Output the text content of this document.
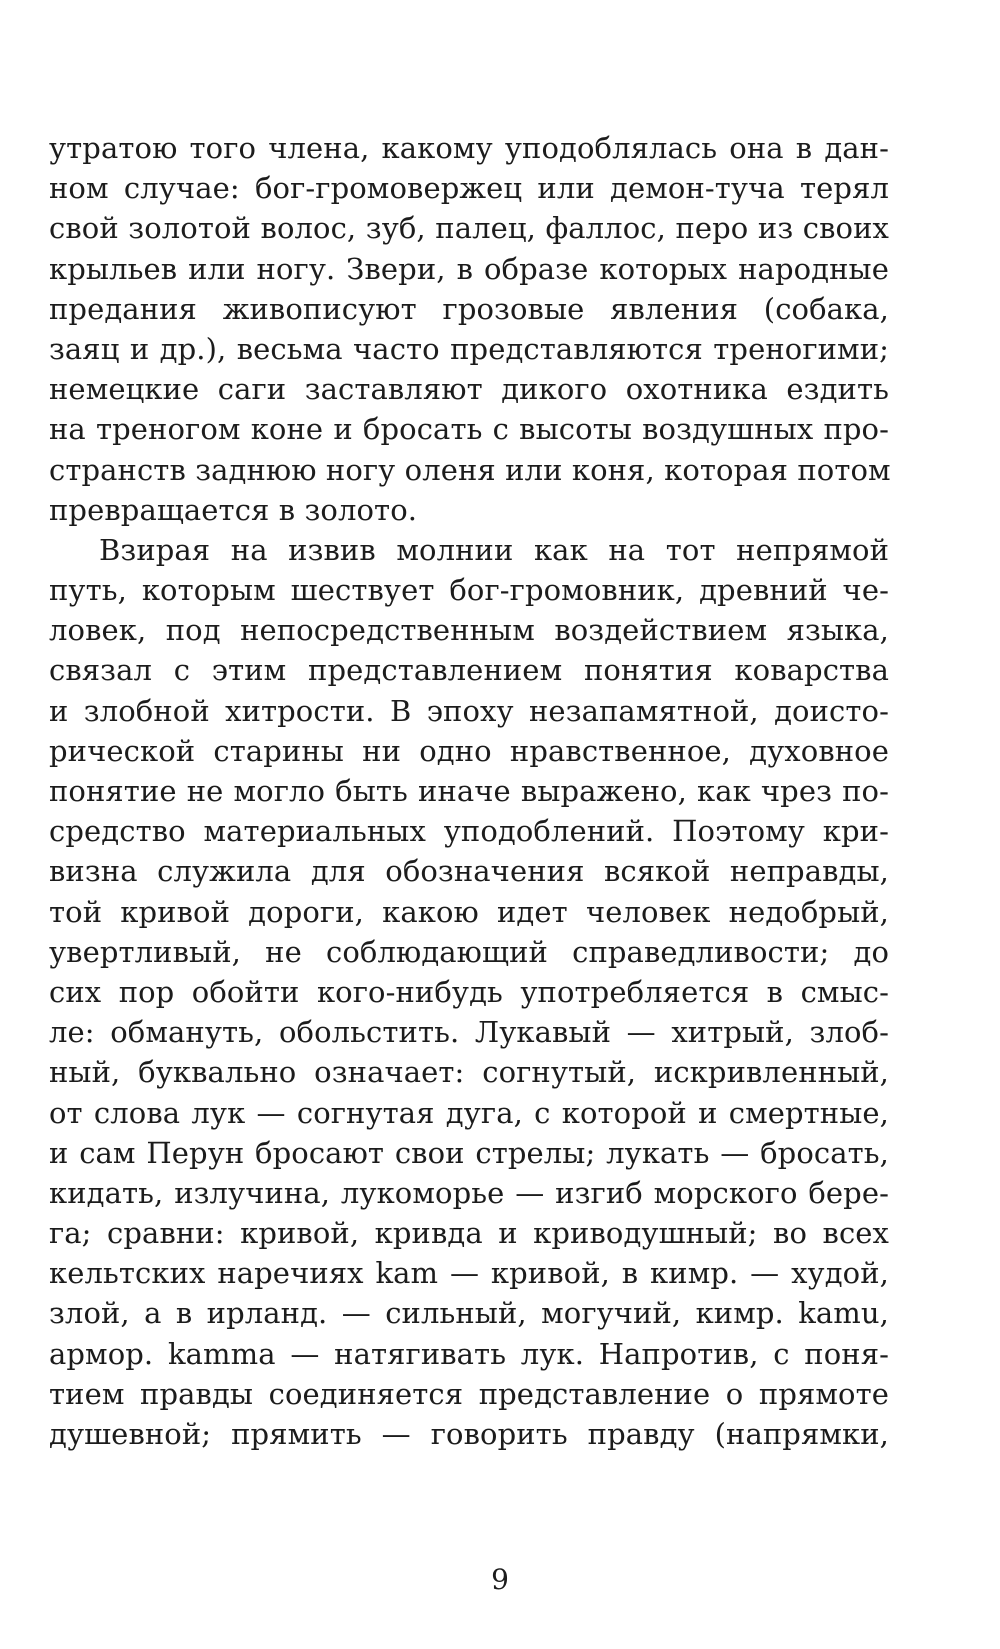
утратою того члена, какому уподоблялась она в дан-
ном случае: бог-громовержец или демон-туча терял
свой золотой волос, зуб, палец, фаллос, перо из своих
крыльев или ногу. Звери, в образе которых народные
предания живописуют грозовые явления (собака,
заяц и др.), весьма часто представляются треногими;
немецкие саги заставляют дикого охотника ездить
на треногом коне и бросать с высоты воздушных про-
странств заднюю ногу оленя или коня, которая потом
превращается в золото.
Взирая на извив молнии как на тот непрямой
путь, которым шествует бог-громовник, древний че-
ловек, под непосредственным воздействием языка,
связал с этим представлением понятия коварства
и злобной хитрости. В эпоху незапамятной, доисто-
рической старины ни одно нравственное, духовное
понятие не могло быть иначе выражено, как чрез по-
средство материальных уподоблений. Поэтому кри-
визна служила для обозначения всякой неправды,
той кривой дороги, какою идет человек недобрый,
увертливый, не соблюдающий справедливости; до
сих пор обойти кого-нибудь употребляется в смыс-
ле: обмануть, обольстить. Лукавый — хитрый, злоб-
ный, буквально означает: согнутый, искривленный,
от слова лук — согнутая дуга, с которой и смертные,
и сам Перун бросают свои стрелы; лукать — бросать,
кидать, излучина, лукоморье — изгиб морского бере-
га; сравни: кривой, кривда и криводушный; во всех
кельтских наречиях kam — кривой, в кимр. — худой,
злой, а в ирланд. — сильный, могучий, кимр. kamu,
армор. kamma — натягивать лук. Напротив, с поня-
тием правды соединяется представление о прямоте
душевной; прямить — говорить правду (напрямки,
9
